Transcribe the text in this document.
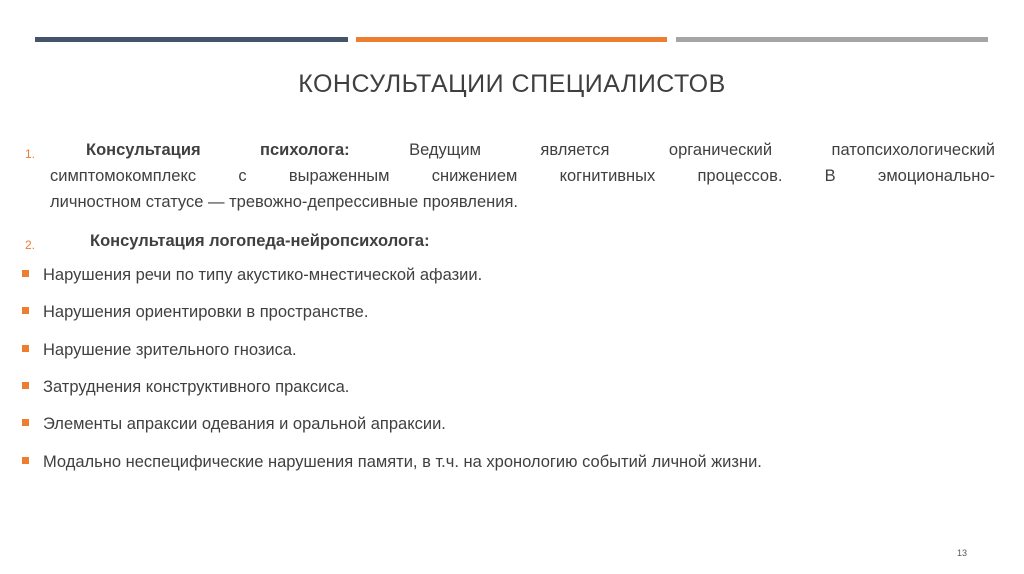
КОНСУЛЬТАЦИИ СПЕЦИАЛИСТОВ
1.	Консультация психолога:	Ведущим является органический патопсихологический
симптомокомплекс с выраженным снижением когнитивных процессов. В эмоционально-
личностном статусе — тревожно-депрессивные проявления.
2.	Консультация логопеда-нейропсихолога:
Нарушения речи по типу акустико-мнестической афазии.
Нарушения ориентировки в пространстве.
Нарушение зрительного гнозиса.
Затруднения конструктивного праксиса.
Элементы апраксии одевания и оральной апраксии.
Модально неспецифические нарушения памяти, в т.ч. на хронологию событий личной жизни.
13
